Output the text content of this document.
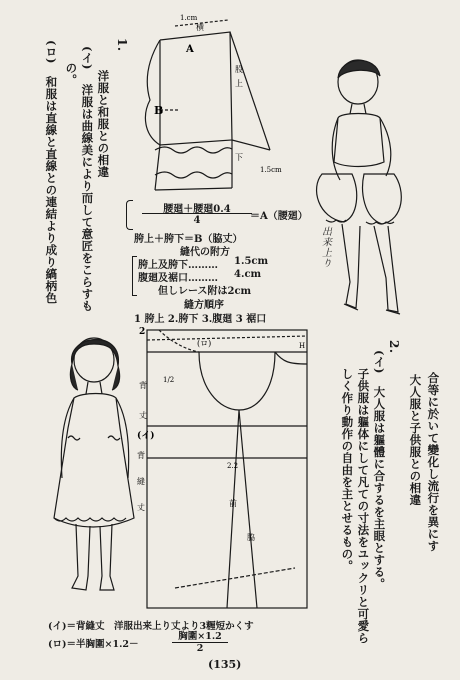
1.
洋服と和服との相違
(イ)
洋服は曲線美により而して意匠をこらすも
の。
(ロ)
和服は直線と直線との連結より成り縞柄色
A
B
横
股
上
下
1.cm
1.5cm
腰廻＋腰廻0.4
4	＝A（腰廻）
胯上＋胯下＝B（脇丈）
縫代の附方
胯上及胯下……… 1.5cm
腹廻及裾口……… 4.cm
但しレース附は2cm
縫方順序
1 胯上 2.胯下 3.腹廻 3 裾口
出来上り
2
(イ)
(ロ)
背
丈
背
縫
丈	前
脇
2.2
H
1/2
2.
合等に於いて變化し流行を異にす
大人服と子供服との相違
(イ)
大人服は軀體に合するを主眼とする。
子供服は軀体にして凡ての寸法をユックリと可愛ら
しく作り動作の自由を主とせるもの。
(イ)＝背縫丈　洋服出来上り丈より3糎短かくす
(ロ)＝半胸圍×1.2－
胸圍×1.2
2
(135)
